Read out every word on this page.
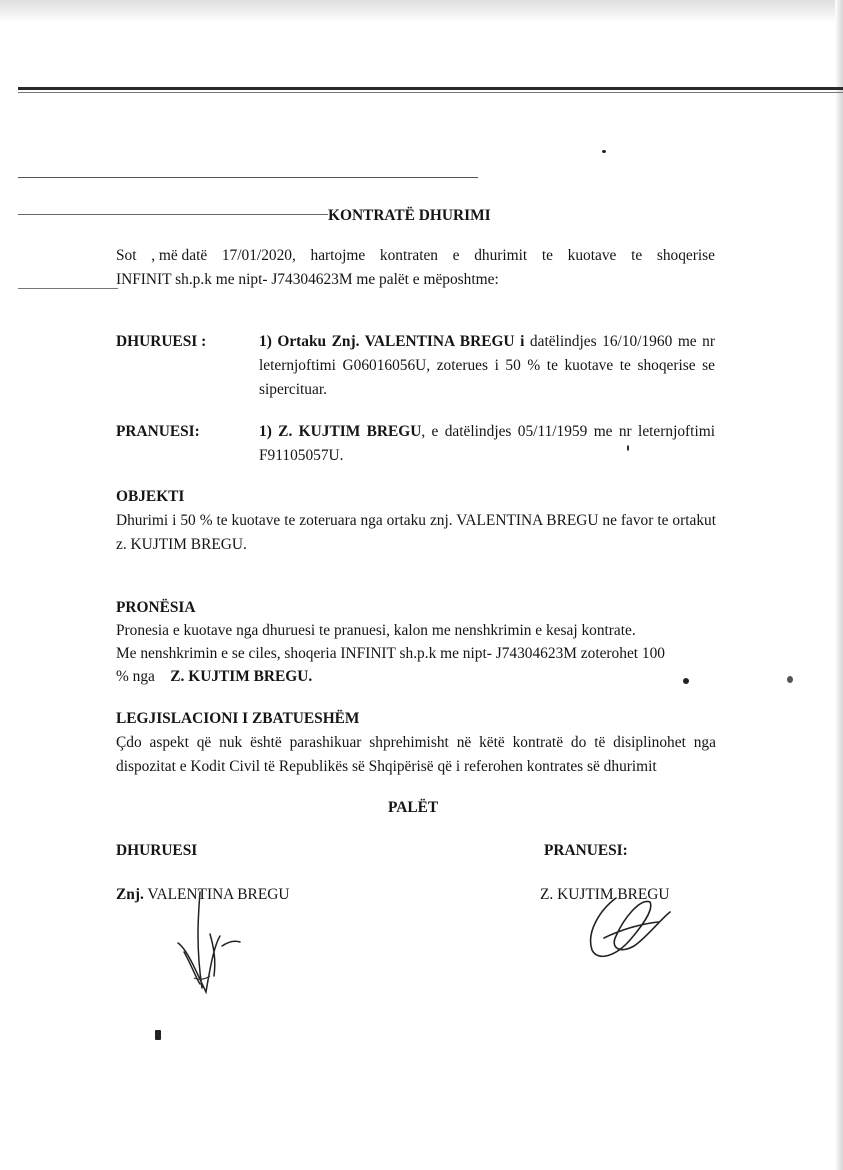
KONTRATË DHURIMI
Sot , më datë 17/01/2020, hartojme kontraten e dhurimit te kuotave te shoqerise
INFINIT sh.p.k me nipt- J74304623M me palët e mëposhtme:
DHURUESI :	1) Ortaku Znj. VALENTINA BREGU i datëlindjes 16/10/1960 me nr leternjoftimi G06016056U, zoterues i 50 % te kuotave te shoqerise se sipercituar.
PRANUESI:	1) Z. KUJTIM BREGU, e datëlindjes 05/11/1959 me nr leternjoftimi F91105057U.
OBJEKTI
Dhurimi i 50 % te kuotave te zoteruara nga ortaku znj. VALENTINA BREGU ne favor te ortakut z. KUJTIM BREGU.
PRONËSIA
Pronesia e kuotave nga dhuruesi te pranuesi, kalon me nenshkrimin e kesaj kontrate.
Me nenshkrimin e se ciles, shoqeria INFINIT sh.p.k me nipt- J74304623M zoterohet 100
% nga Z. KUJTIM BREGU.
LEGJISLACIONI I ZBATUESHËM
Çdo aspekt që nuk është parashikuar shprehimisht në këtë kontratë do të disiplinohet nga
dispozitat e Kodit Civil të Republikës së Shqipërisë që i referohen kontrates së dhurimit
PALËT
DHURUESI	PRANUESI:
Znj. VALENTINA BREGU	Z. KUJTIM BREGU
